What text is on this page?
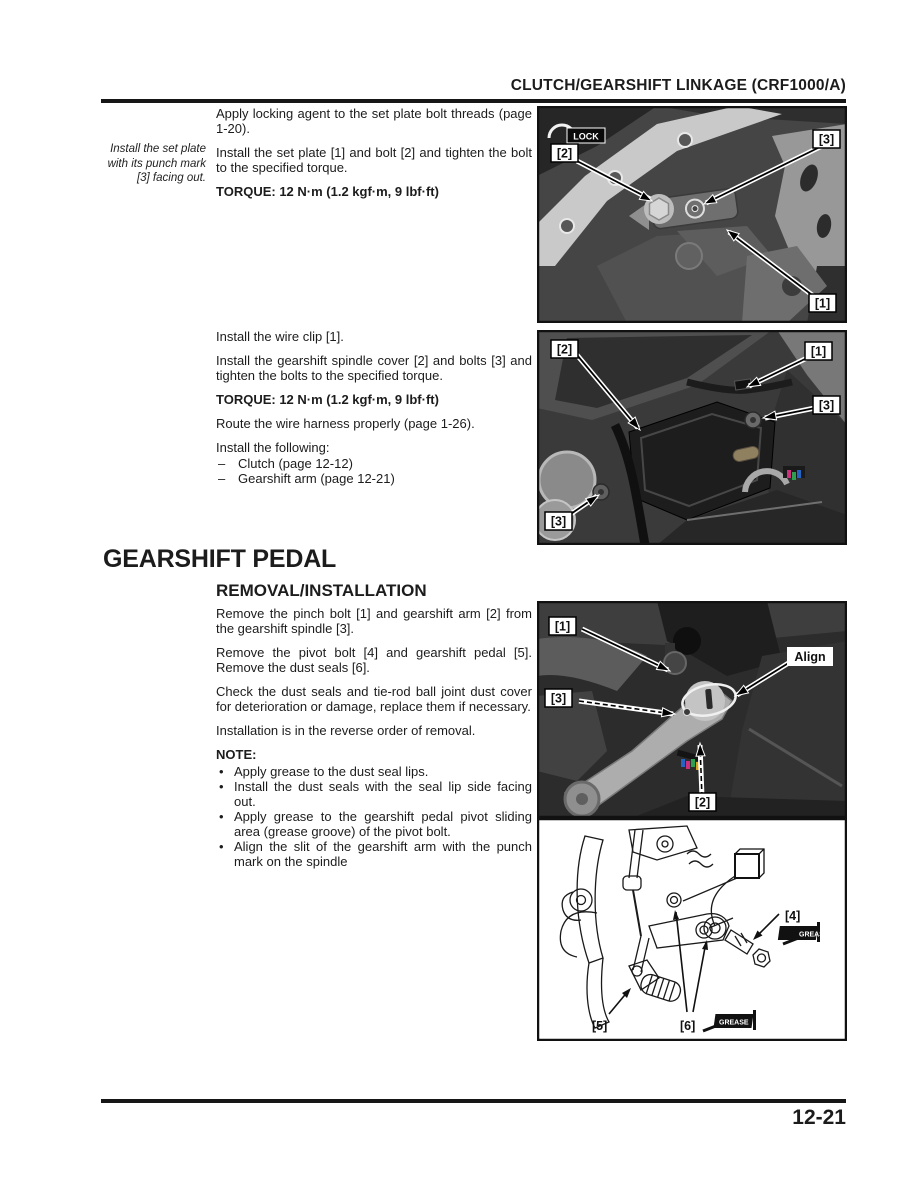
CLUTCH/GEARSHIFT LINKAGE (CRF1000/A)
Install the set plate with its punch mark [3] facing out.

Apply locking agent to the set plate bolt threads (page 1-20).

Install the set plate [1] and bolt [2] and tighten the bolt to the specified torque.

TORQUE: 12 N·m (1.2 kgf·m, 9 lbf·ft)

Install the wire clip [1].

Install the gearshift spindle cover [2] and bolts [3] and tighten the bolts to the specified torque.

TORQUE: 12 N·m (1.2 kgf·m, 9 lbf·ft)

Route the wire harness properly (page 1-26).

Install the following:

– Clutch (page 12-12)
– Gearshift arm (page 12-21)
GEARSHIFT PEDAL
REMOVAL/INSTALLATION

Remove the pinch bolt [1] and gearshift arm [2] from the gearshift spindle [3].

Remove the pivot bolt [4] and gearshift pedal [5]. Remove the dust seals [6].

Check the dust seals and tie-rod ball joint dust cover for deterioration or damage, replace them if necessary.

Installation is in the reverse order of removal.

NOTE:

• Apply grease to the dust seal lips.
• Install the dust seals with the seal lip side facing out.
• Apply grease to the gearshift pedal pivot sliding area (grease groove) of the pivot bolt.
• Align the slit of the gearshift arm with the punch mark on the spindle
LOCK
[2]
[3]
[1]
[2]	[1]
[3]
[3]
[1]
[3]
[2]
Align
GREASE
GREASE
[4]
[5]	[6]
12-21
